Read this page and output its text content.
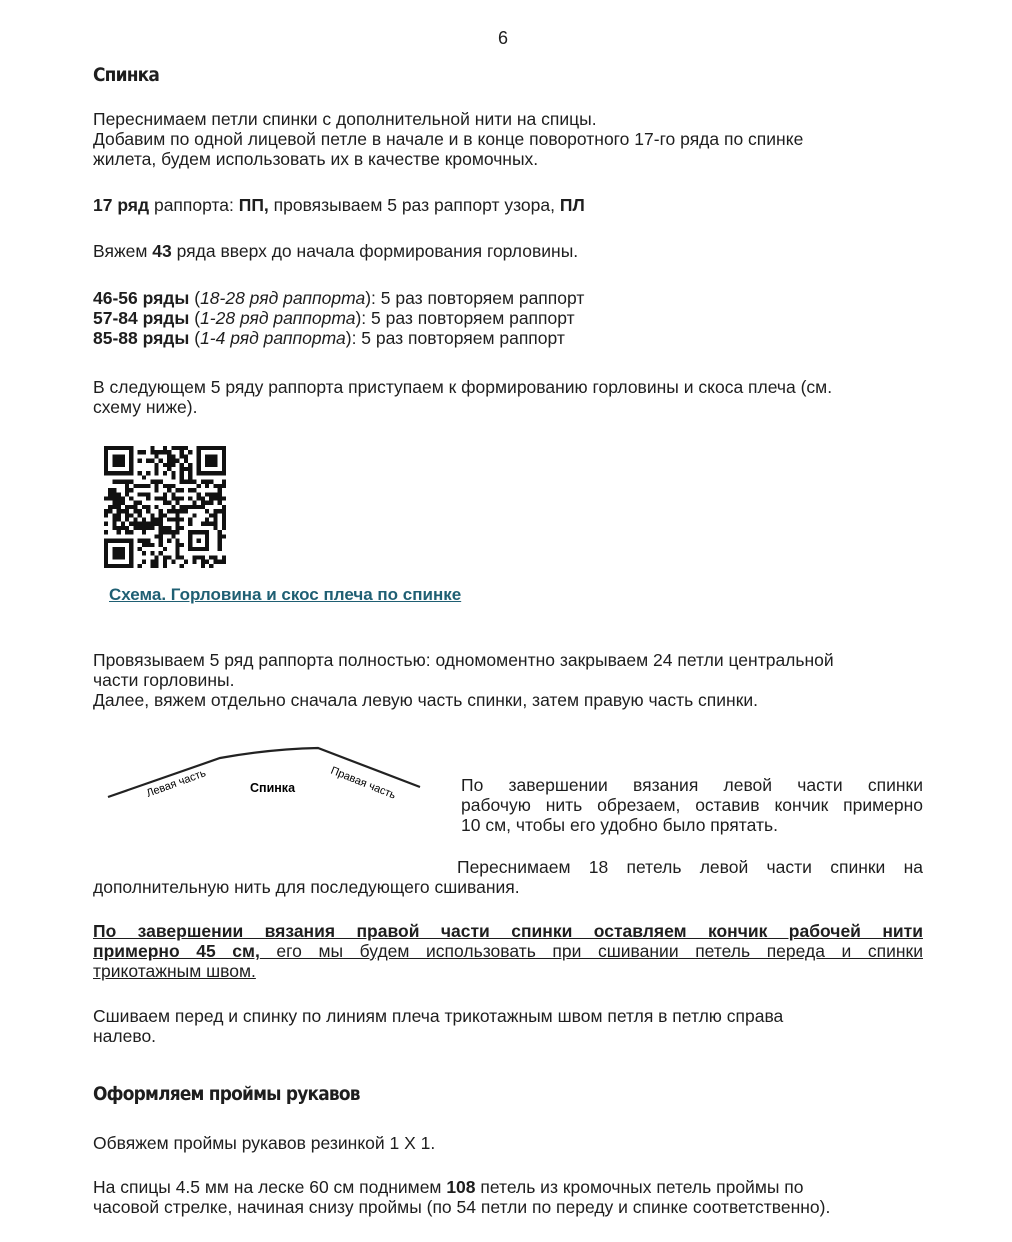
6
Спинка

Переснимаем петли спинки с дополнительной нити на спицы.

Добавим по одной лицевой петле в начале и в конце поворотного 17-го ряда по спинке

жилета, будем использовать их в качестве кромочных.

17 ряд раппорта: ПП, провязываем 5 раз раппорт узора, ПЛ

Вяжем 43 ряда вверх до начала формирования горловины.

46-56 ряды (18-28 ряд раппорта): 5 раз повторяем раппорт

57-84 ряды (1-28 ряд раппорта): 5 раз повторяем раппорт

85-88 ряды (1-4 ряд раппорта): 5 раз повторяем раппорт

В следующем 5 ряду раппорта приступаем к формированию горловины и скоса плеча (см.

схему ниже).

Схема. Горловина и скос плеча по спинке

Провязываем 5 ряд раппорта полностью: одномоментно закрываем 24 петли центральной

части горловины.

Далее, вяжем отдельно сначала левую часть спинки, затем правую часть спинки.

Левая часть	Спинка	Правая часть	По завершении вязания левой части спинки

рабочую нить обрезаем, оставив кончик примерно

10 см, чтобы его удобно было прятать.

Переснимаем 18 петель левой части спинки на

дополнительную нить для последующего сшивания.

По завершении вязания правой части спинки оставляем кончик рабочей нити

примерно 45 см, его мы будем использовать при сшивании петель переда и спинки

трикотажным швом.

Сшиваем перед и спинку по линиям плеча трикотажным швом петля в петлю справа

налево.

Оформляем проймы рукавов

Обвяжем проймы рукавов резинкой 1 Х 1.

На спицы 4.5 мм на леске 60 см поднимем 108 петель из кромочных петель проймы по

часовой стрелке, начиная снизу проймы (по 54 петли по переду и спинке соответственно).
